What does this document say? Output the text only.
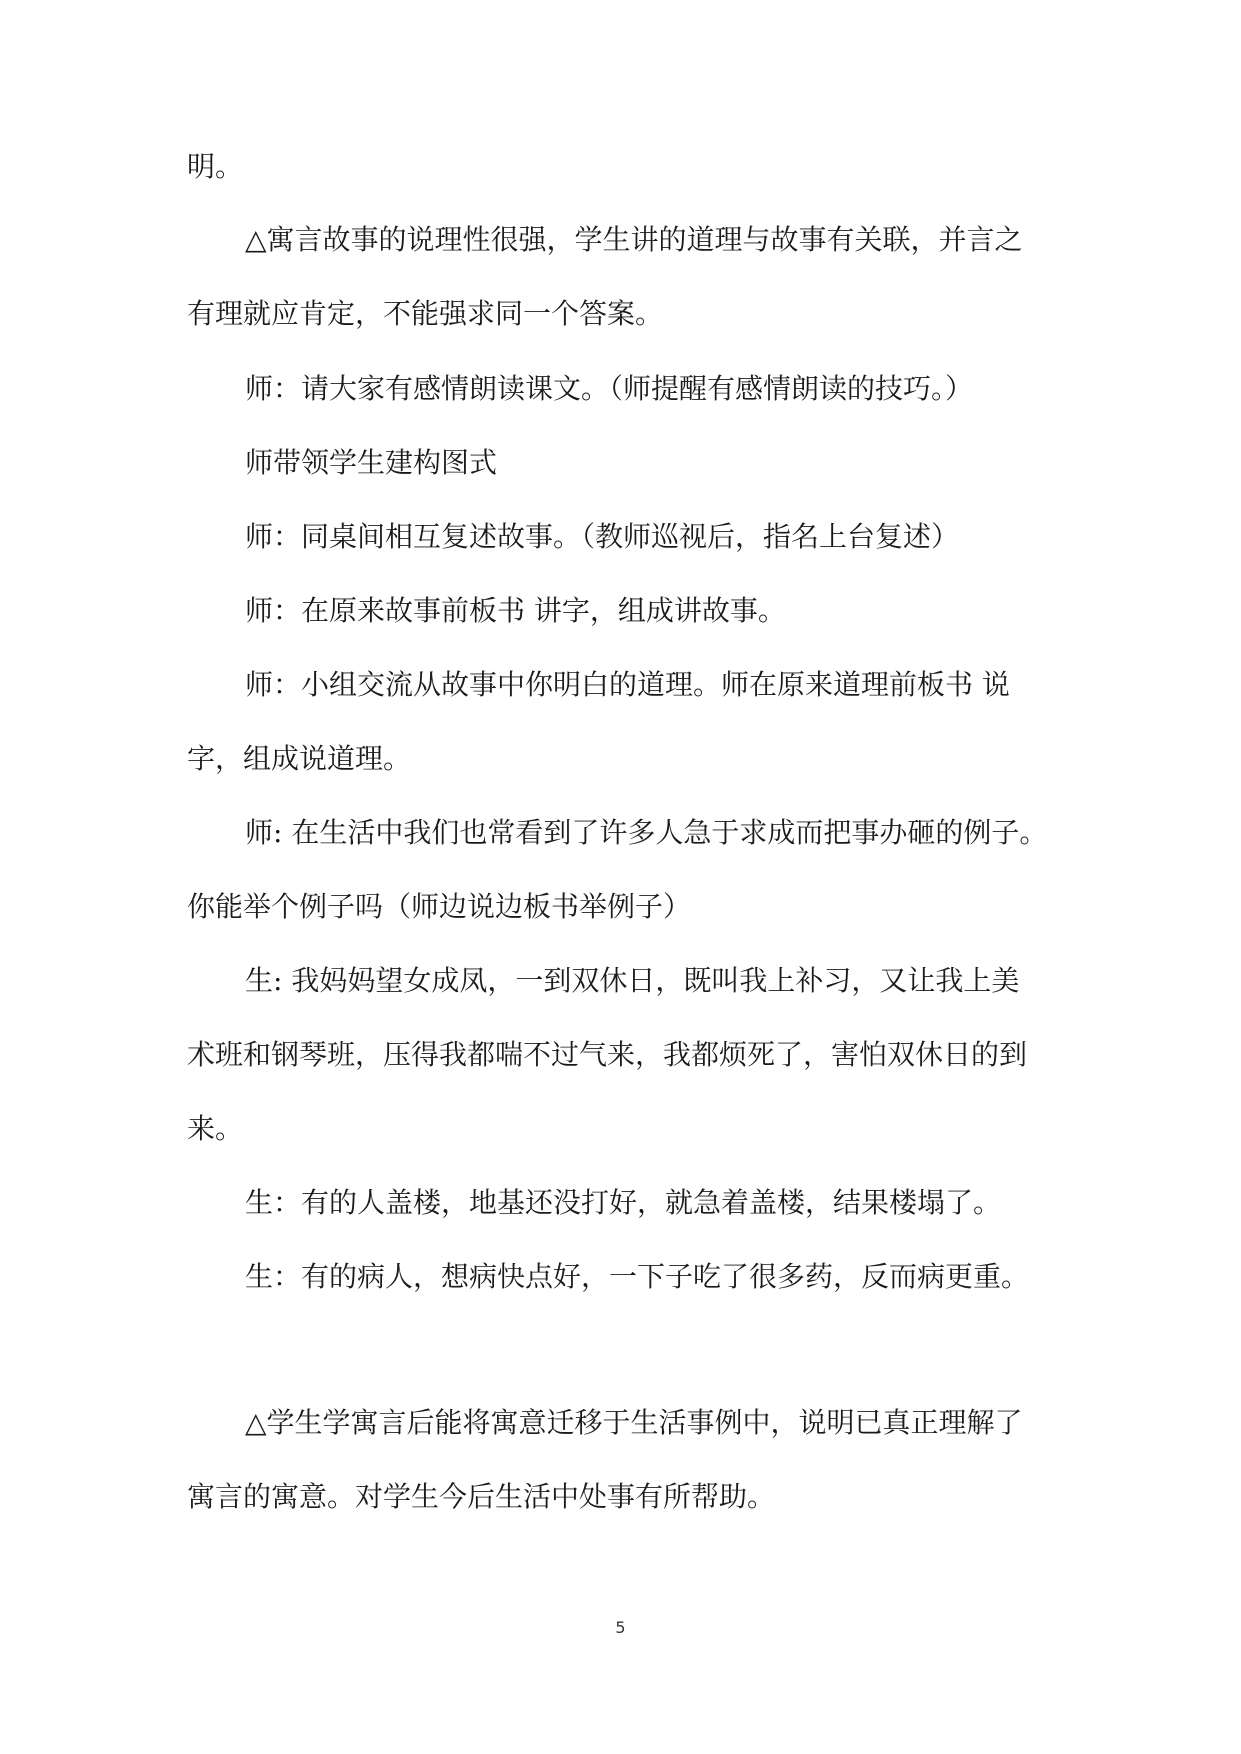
明。
△寓言故事的说理性很强，学生讲的道理与故事有关联，并言之
有理就应肯定，不能强求同一个答案。
师：请大家有感情朗读课文。（师提醒有感情朗读的技巧。）
师带领学生建构图式
师：同桌间相互复述故事。（教师巡视后，指名上台复述）
师：在原来故事前板书 讲字，组成讲故事。
师：小组交流从故事中你明白的道理。师在原来道理前板书 说
字，组成说道理。
师: 在生活中我们也常看到了许多人急于求成而把事办砸的例子。
你能举个例子吗（师边说边板书举例子）
生: 我妈妈望女成凤，一到双休日，既叫我上补习，又让我上美
术班和钢琴班，压得我都喘不过气来，我都烦死了，害怕双休日的到
来。
生：有的人盖楼，地基还没打好，就急着盖楼，结果楼塌了。
生：有的病人，想病快点好，一下子吃了很多药，反而病更重。
△学生学寓言后能将寓意迁移于生活事例中，说明已真正理解了
寓言的寓意。对学生今后生活中处事有所帮助。
5
